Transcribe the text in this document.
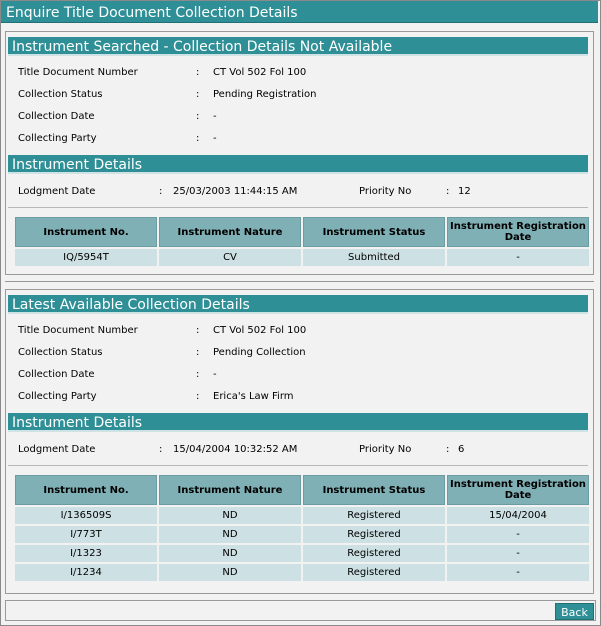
Enquire Title Document Collection Details
Instrument Searched - Collection Details Not Available
Title Document Number	: CT Vol 502 Fol 100
Collection Status	: Pending Registration
Collection Date	: -
Collecting Party	: -
Instrument Details
Lodgment Date	: 25/03/2003 11:44:15 AM	Priority No	: 12
Instrument No.	Instrument Nature	Instrument Status	Instrument Registration Date
IQ/5954T	CV	Submitted	-
Latest Available Collection Details
Title Document Number	: CT Vol 502 Fol 100
Collection Status	: Pending Collection
Collection Date	: -
Collecting Party	: Erica's Law Firm
Instrument Details
Lodgment Date	: 15/04/2004 10:32:52 AM	Priority No	: 6
Instrument No.	Instrument Nature	Instrument Status	Instrument Registration Date
I/136509S	ND	Registered	15/04/2004
I/773T	ND	Registered	-
I/1323	ND	Registered	-
I/1234	ND	Registered	-
Back
